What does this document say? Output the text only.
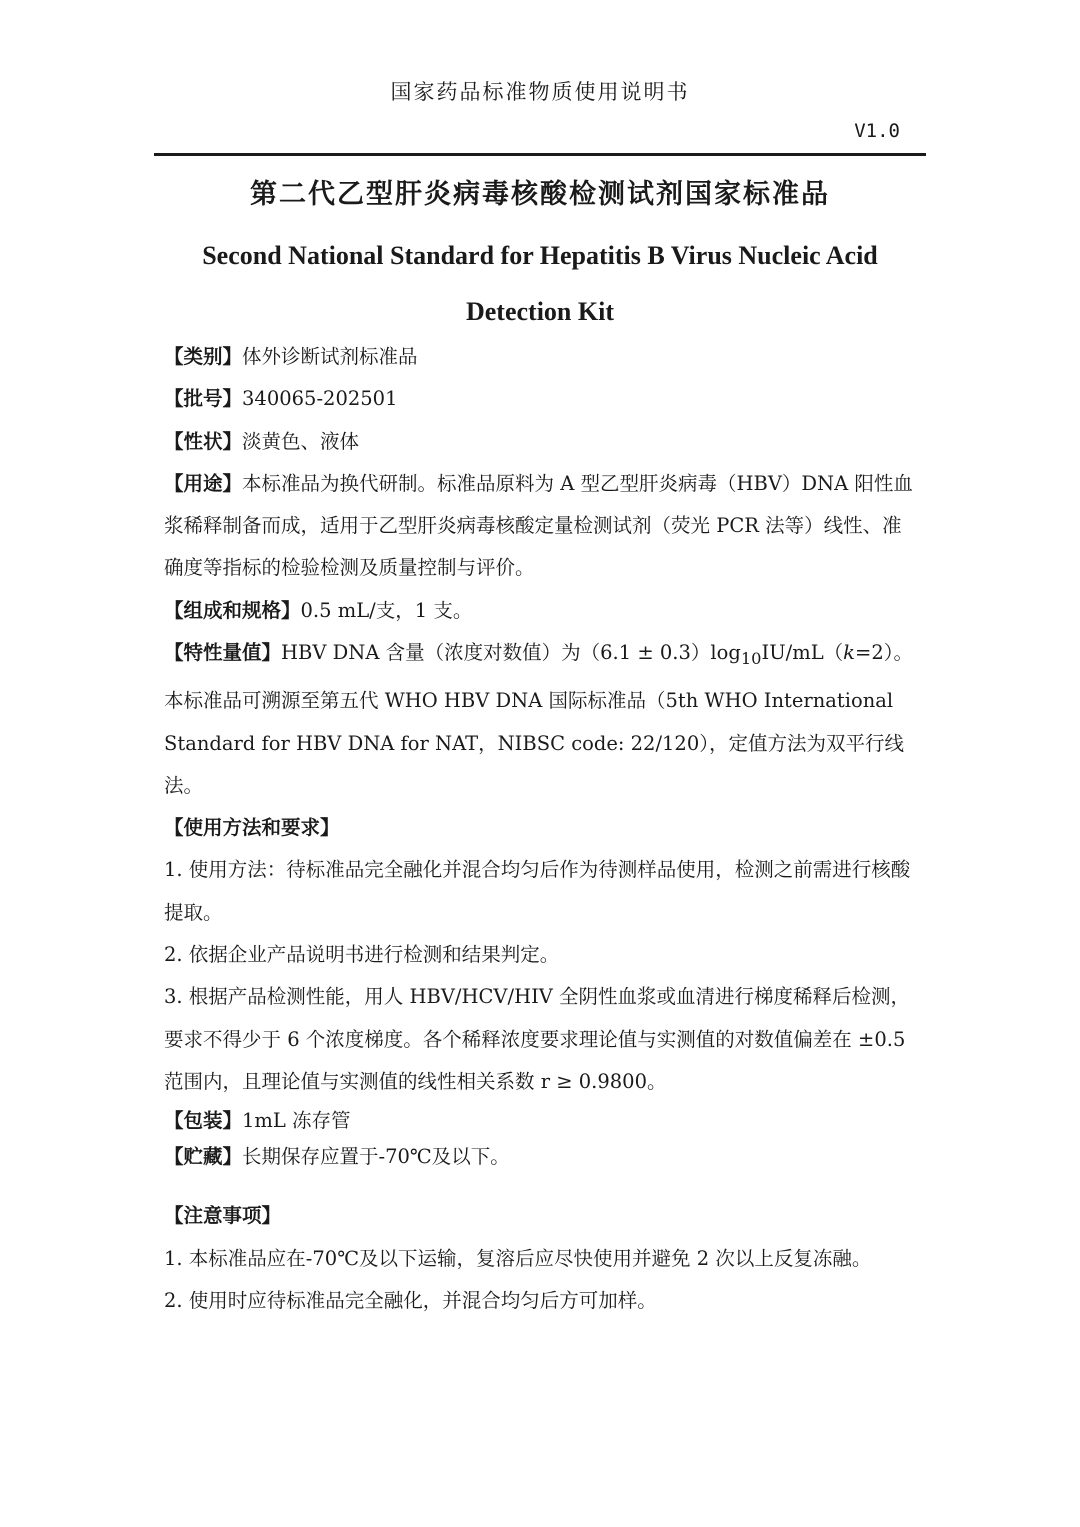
国家药品标准物质使用说明书
V1.0
第二代乙型肝炎病毒核酸检测试剂国家标准品
Second National Standard for Hepatitis B Virus Nucleic Acid Detection Kit

【类别】体外诊断试剂标准品

【批号】340065-202501

【性状】淡黄色、液体

【用途】本标准品为换代研制。标准品原料为 A 型乙型肝炎病毒（HBV）DNA 阳性血浆稀释制备而成，适用于乙型肝炎病毒核酸定量检测试剂（荧光 PCR 法等）线性、准确度等指标的检验检测及质量控制与评价。

【组成和规格】0.5 mL/支，1 支。

【特性量值】HBV DNA 含量（浓度对数值）为$(6.1 \pm 0.3)\log_{10}IU/mL(k=2)$。本标准品可溯源至第五代 WHO HBV DNA 国际标准品（5th WHO International Standard for HBV DNA for NAT，NIBSC code: 22/120），定值方法为双平行线法。

【使用方法和要求】

1. 使用方法：待标准品完全融化并混合均匀后作为待测样品使用，检测之前需进行核酸提取。

2. 依据企业产品说明书进行检测和结果判定。

3. 根据产品检测性能，用人 HBV/HCV/HIV 全阴性血浆或血清进行梯度稀释后检测，要求不得少于 6 个浓度梯度。各个稀释浓度要求理论值与实测值的对数值偏差在 ±0.5 范围内，且理论值与实测值的线性相关系数 r ≥ 0.9800。

【包装】1mL 冻存管

【贮藏】长期保存应置于-70℃及以下。

【注意事项】

1. 本标准品应在-70℃及以下运输，复溶后应尽快使用并避免 2 次以上反复冻融。

2. 使用时应待标准品完全融化，并混合均匀后方可加样。
